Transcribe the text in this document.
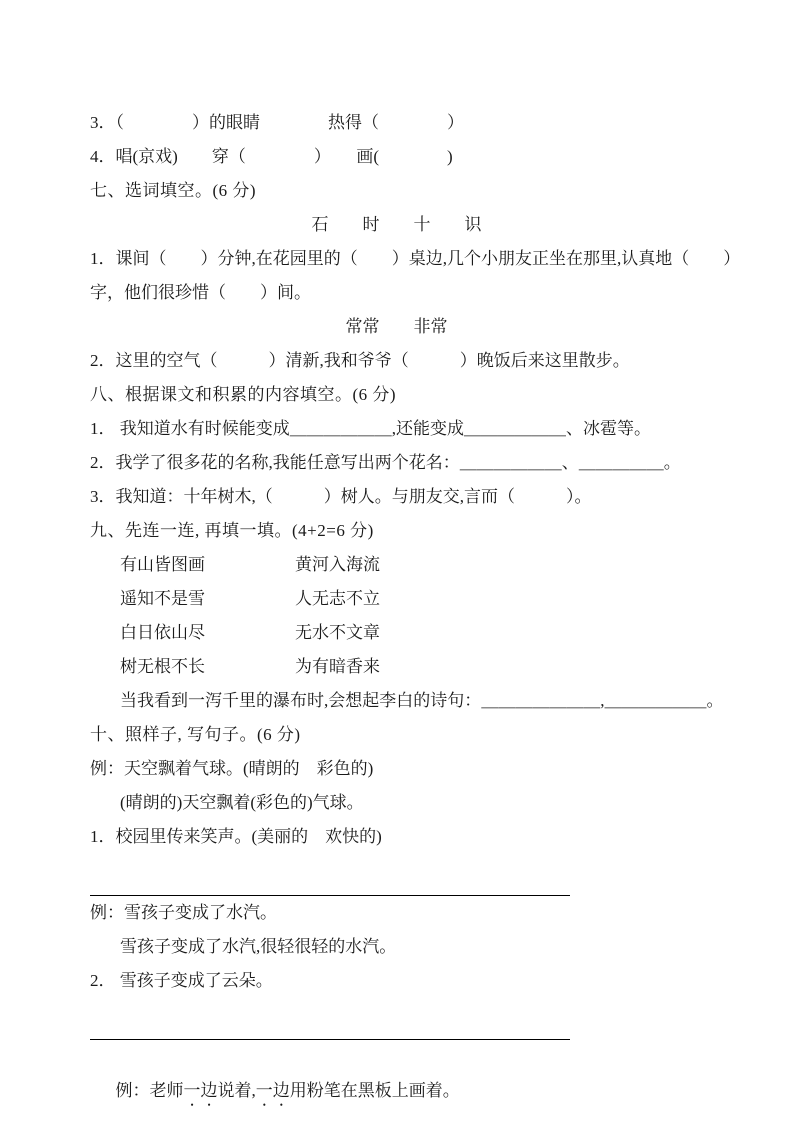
3．（　　　　）的眼睛　　　　热得（　　　　）
4．唱(京戏)　　穿（　　　　）　　画(　　　　)
七、选词填空。(6 分)
石　　时　　十　　识
1．课间（　　）分钟,在花园里的（　　）桌边,几个小朋友正坐在那里,认真地（　　）
字，他们很珍惜（　　）间。
常常　　非常
2．这里的空气（　　　）清新,我和爷爷（　　　）晚饭后来这里散步。
八、根据课文和积累的内容填空。(6 分)
1． 我知道水有时候能变成＿＿＿＿＿＿,还能变成＿＿＿＿＿＿、冰雹等。
2．我学了很多花的名称,我能任意写出两个花名：＿＿＿＿＿＿、＿＿＿＿＿。
3．我知道：十年树木,（　　　）树人。与朋友交,言而（　　　）。
九、先连一连, 再填一填。(4+2=6 分)
有山皆图画	黄河入海流
遥知不是雪	人无志不立
白日依山尽	无水不文章
树无根不长	为有暗香来
当我看到一泻千里的瀑布时,会想起李白的诗句：＿＿＿＿＿＿＿,＿＿＿＿＿＿。
十、照样子, 写句子。(6 分)
例：天空飘着气球。(晴朗的　彩色的)
(晴朗的)天空飘着(彩色的)气球。
1．校园里传来笑声。(美丽的　欢快的)
例：雪孩子变成了水汽。
雪孩子变成了水汽,很轻很轻的水汽。
2． 雪孩子变成了云朵。

例：老师一边说着,一边用粉笔在黑板上画着。
